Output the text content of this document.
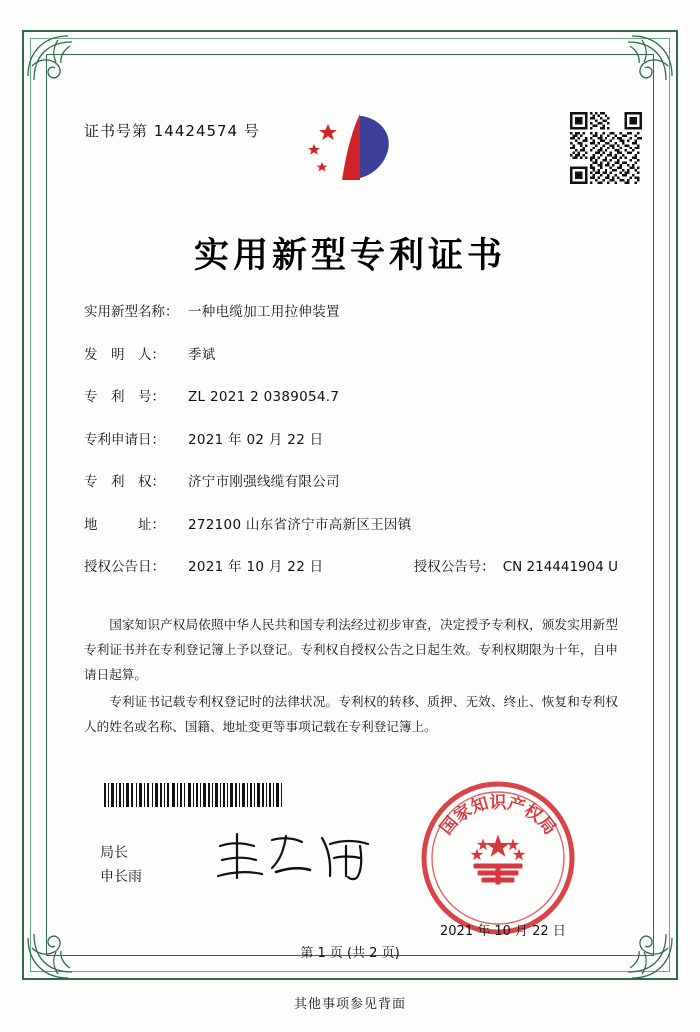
证书号第 14424574 号
实用新型专利证书
实用新型名称： 一种电缆加工用拉伸装置
发　明　人：	季斌
专　利　号：	ZL 2021 2 0389054.7
专利申请日：	2021 年 02 月 22 日
专　利　权：	济宁市刚强线缆有限公司
地　　　址：	272100 山东省济宁市高新区王因镇
授权公告日：	2021 年 10 月 22 日	授权公告号： CN 214441904 U

国家知识产权局依照中华人民共和国专利法经过初步审查，决定授予专利权，颁发实用新型专利证书并在专利登记簿上予以登记。专利权自授权公告之日起生效。专利权期限为十年，自申请日起算。

专利证书记载专利权登记时的法律状况。专利权的转移、质押、无效、终止、恢复和专利权人的姓名或名称、国籍、地址变更等事项记载在专利登记簿上。

局长
申长雨
国家知识产权局
2021 年 10 月 22 日
第 1 页 (共 2 页)
其他事项参见背面
